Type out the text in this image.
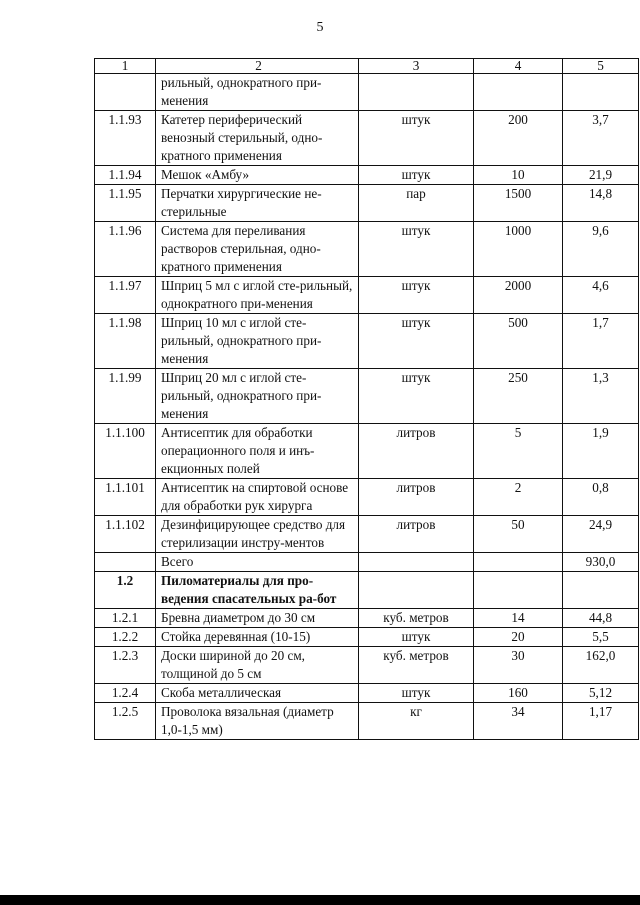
5
1	2	3	4	5
	рильный, однократного при-менения			
1.1.93	Катетер периферический венозный стерильный, одно-кратного применения	штук	200	3,7
1.1.94	Мешок «Амбу»	штук	10	21,9
1.1.95	Перчатки хирургические не-стерильные	пар	1500	14,8
1.1.96	Система для переливания растворов стерильная, одно-кратного применения	штук	1000	9,6
1.1.97	Шприц 5 мл с иглой сте-рильный, однократного при-менения	штук	2000	4,6
1.1.98	Шприц 10 мл с иглой сте-рильный, однократного при-менения	штук	500	1,7
1.1.99	Шприц 20 мл с иглой сте-рильный, однократного при-менения	штук	250	1,3
1.1.100	Антисептик для обработки операционного поля и инъ-екционных полей	литров	5	1,9
1.1.101	Антисептик на спиртовой основе для обработки рук хирурга	литров	2	0,8
1.1.102	Дезинфицирующее средство для стерилизации инстру-ментов	литров	50	24,9
	Всего			930,0
1.2	Пиломатериалы для про-ведения спасательных ра-бот			
1.2.1	Бревна диаметром до 30 см	куб. метров	14	44,8
1.2.2	Стойка деревянная (10-15)	штук	20	5,5
1.2.3	Доски шириной до 20 см, толщиной до 5 см	куб. метров	30	162,0
1.2.4	Скоба металлическая	штук	160	5,12
1.2.5	Проволока вязальная (диаметр 1,0-1,5 мм)	кг	34	1,17
